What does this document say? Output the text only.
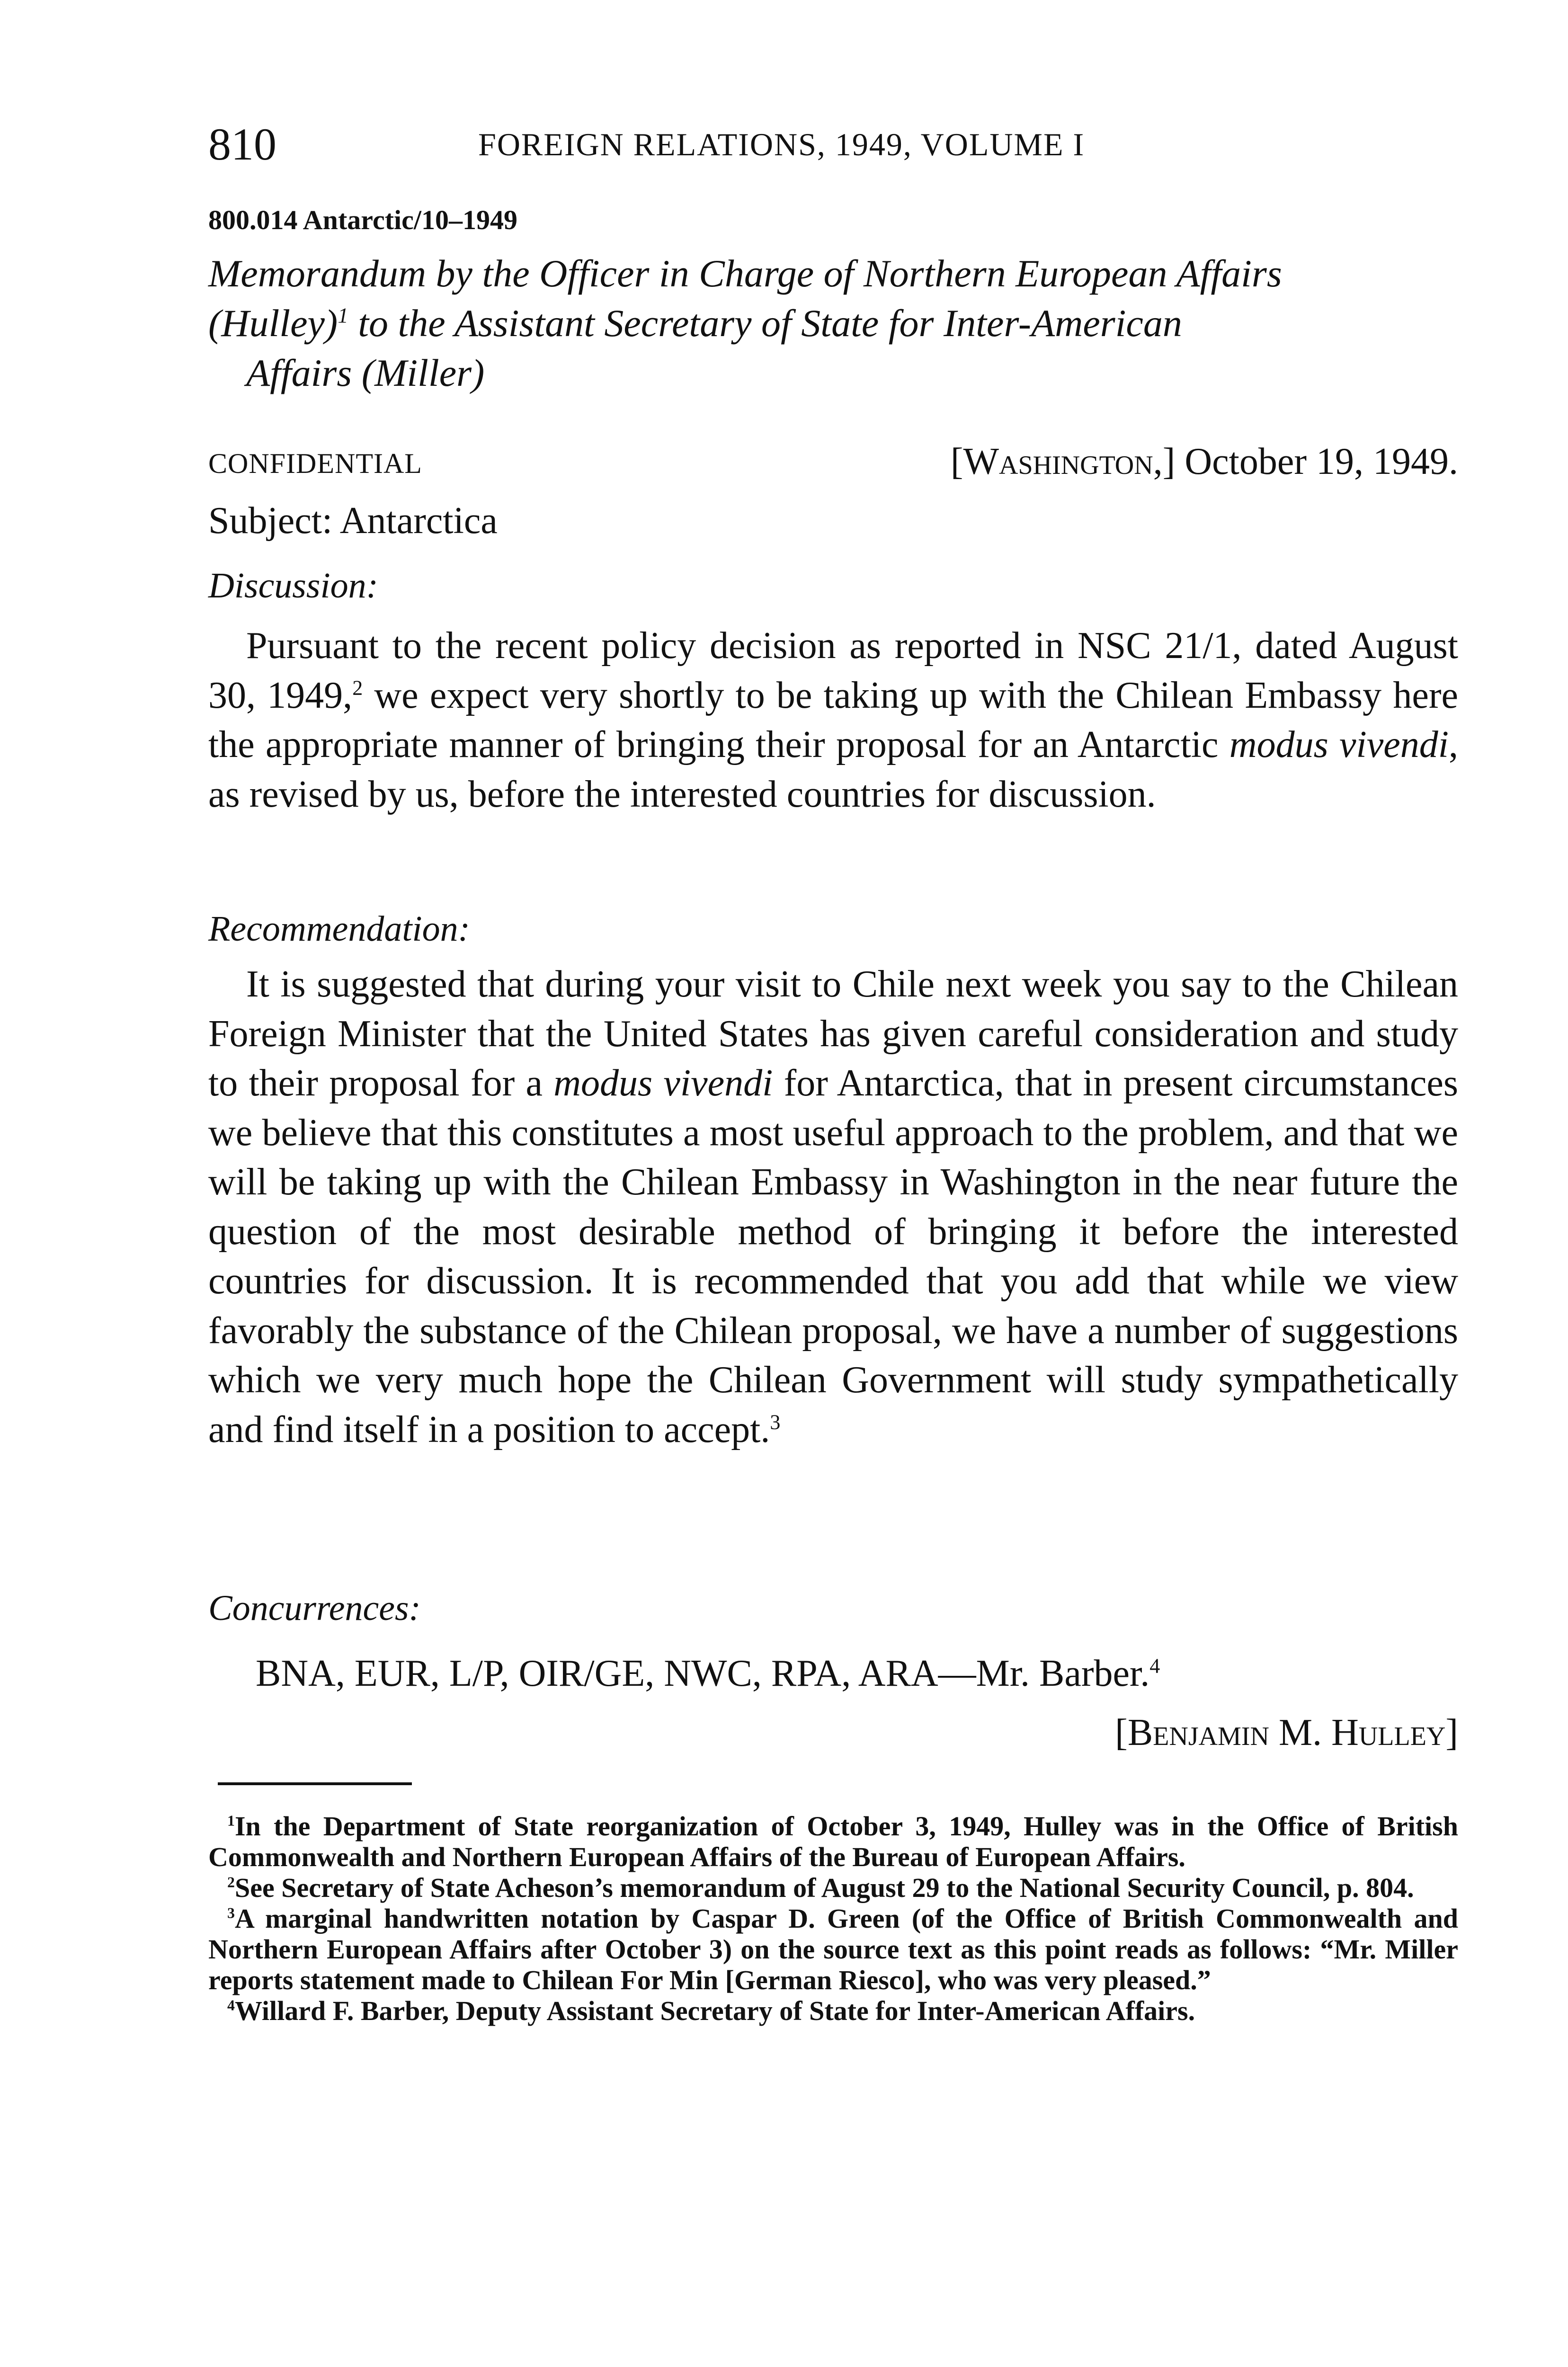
810	FOREIGN RELATIONS, 1949, VOLUME I
800.014 Antarctic/10–1949
Memorandum by the Officer in Charge of Northern European Affairs
(Hulley)$^1$ to the Assistant Secretary of State for Inter-American
Affairs (Miller)
CONFIDENTIAL	[Washington,] October 19, 1949.
Subject: Antarctica
Discussion:

Pursuant to the recent policy decision as reported in NSC 21/1, dated August 30, 1949,$^2$ we expect very shortly to be taking up with the Chilean Embassy here the appropriate manner of bringing their proposal for an Antarctic modus vivendi, as revised by us, before the interested countries for discussion.

Recommendation:

It is suggested that during your visit to Chile next week you say to the Chilean Foreign Minister that the United States has given careful consideration and study to their proposal for a modus vivendi for Antarctica, that in present circumstances we believe that this constitutes a most useful approach to the problem, and that we will be taking up with the Chilean Embassy in Washington in the near future the question of the most desirable method of bringing it before the interested countries for discussion. It is recommended that you add that while we view favorably the substance of the Chilean proposal, we have a number of suggestions which we very much hope the Chilean Government will study sympathetically and find itself in a position to accept.$^3$

Concurrences:
BNA, EUR, L/P, OIR/GE, NWC, RPA, ARA—Mr. Barber.$^4$
[Benjamin M. Hulley]

$^1$In the Department of State reorganization of October 3, 1949, Hulley was in the Office of British Commonwealth and Northern European Affairs of the Bureau of European Affairs.

$^2$See Secretary of State Acheson’s memorandum of August 29 to the National Security Council, p. 804.

$^3$A marginal handwritten notation by Caspar D. Green (of the Office of British Commonwealth and Northern European Affairs after October 3) on the source text as this point reads as follows: “Mr. Miller reports statement made to Chilean For Min [German Riesco], who was very pleased.”

$^4$Willard F. Barber, Deputy Assistant Secretary of State for Inter-American Affairs.
